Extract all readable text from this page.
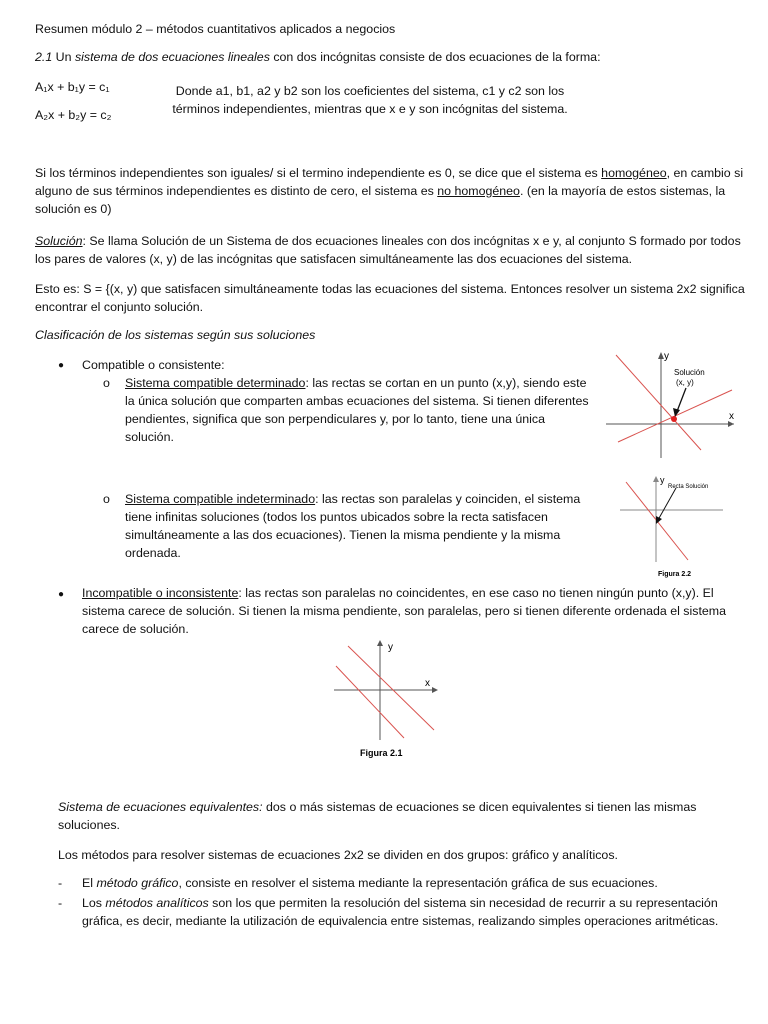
Resumen módulo 2 – métodos cuantitativos aplicados a negocios

2.1 Un sistema de dos ecuaciones lineales con dos incógnitas consiste de dos ecuaciones de la forma:

A₁x + b₁y = c₁

A₂x + b₂y = c₂

Donde a1, b1, a2 y b2 son los coeficientes del sistema, c1 y c2 son los términos independientes, mientras que x e y son incógnitas del sistema.

Si los términos independientes son iguales/ si el termino independiente es 0, se dice que el sistema es homogéneo, en cambio si alguno de sus términos independientes es distinto de cero, el sistema es no homogéneo. (en la mayoría de estos sistemas, la solución es 0)

Solución: Se llama Solución de un Sistema de dos ecuaciones lineales con dos incógnitas x e y, al conjunto S formado por todos los pares de valores (x, y) de las incógnitas que satisfacen simultáneamente las dos ecuaciones del sistema.

Esto es: S = {(x, y) que satisfacen simultáneamente todas las ecuaciones del sistema. Entonces resolver un sistema 2x2 significa encontrar el conjunto solución.

Clasificación de los sistemas según sus soluciones

● Compatible o consistente:

o Sistema compatible determinado: las rectas se cortan en un punto (x,y), siendo este la única solución que comparten ambas ecuaciones del sistema. Si tienen diferentes pendientes, significa que son perpendiculares y, por lo tanto, tiene una única solución.

o Sistema compatible indeterminado: las rectas son paralelas y coinciden, el sistema tiene infinitas soluciones (todos los puntos ubicados sobre la recta satisfacen simultáneamente a las dos ecuaciones). Tienen la misma pendiente y la misma ordenada.

● Incompatible o inconsistente: las rectas son paralelas no coincidentes, en ese caso no tienen ningún punto (x,y). El sistema carece de solución. Si tienen la misma pendiente, son paralelas, pero si tienen diferente ordenada el sistema carece de solución.

y
x
Solución
(x, y)
y
Recta Solución
Figura 2.2
y
x
Figura 2.1

Sistema de ecuaciones equivalentes: dos o más sistemas de ecuaciones se dicen equivalentes si tienen las mismas soluciones.

Los métodos para resolver sistemas de ecuaciones 2x2 se dividen en dos grupos: gráfico y analíticos.

- El método gráfico, consiste en resolver el sistema mediante la representación gráfica de sus ecuaciones.

- Los métodos analíticos son los que permiten la resolución del sistema sin necesidad de recurrir a su representación gráfica, es decir, mediante la utilización de equivalencia entre sistemas, realizando simples operaciones aritméticas.
